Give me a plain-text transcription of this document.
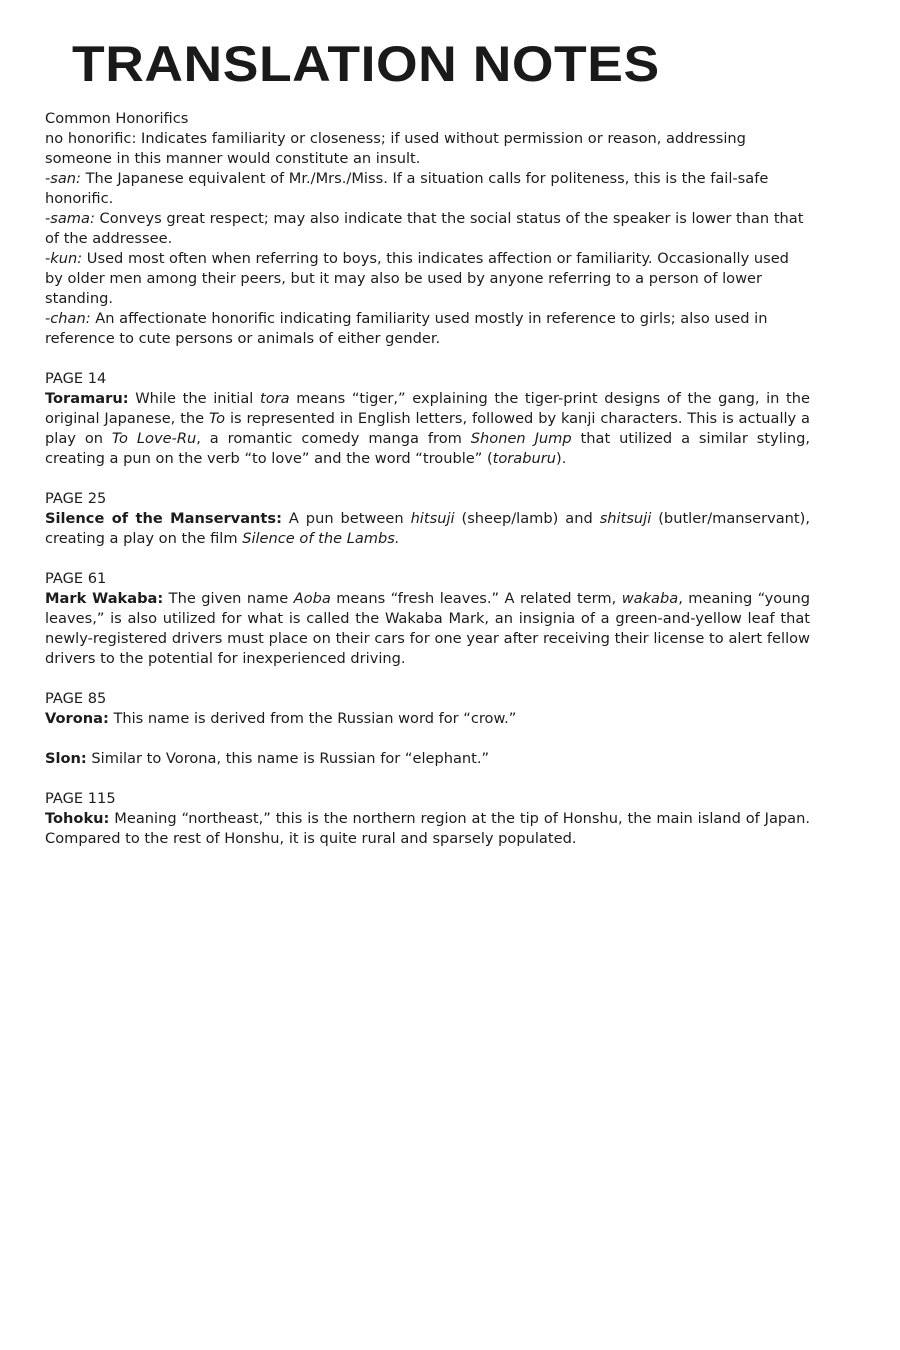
TRANSLATION NOTES

Common Honorifics

no honorific: Indicates familiarity or closeness; if used without permission or reason, addressing someone in this manner would constitute an insult.

-san: The Japanese equivalent of Mr./Mrs./Miss. If a situation calls for politeness, this is the fail-safe honorific.

-sama: Conveys great respect; may also indicate that the social status of the speaker is lower than that of the addressee.

-kun: Used most often when referring to boys, this indicates affection or familiarity. Occasionally used by older men among their peers, but it may also be used by anyone referring to a person of lower standing.

-chan: An affectionate honorific indicating familiarity used mostly in reference to girls; also used in reference to cute persons or animals of either gender.

PAGE 14

Toramaru: While the initial tora means “tiger,” explaining the tiger-print designs of the gang, in the original Japanese, the To is represented in English letters, followed by kanji characters. This is actually a play on To Love-Ru, a romantic comedy manga from Shonen Jump that utilized a similar styling, creating a pun on the verb “to love” and the word “trouble” (toraburu).

PAGE 25

Silence of the Manservants: A pun between hitsuji (sheep/lamb) and shitsuji (butler/manservant), creating a play on the film Silence of the Lambs.

PAGE 61

Mark Wakaba: The given name Aoba means “fresh leaves.” A related term, wakaba, meaning “young leaves,” is also utilized for what is called the Wakaba Mark, an insignia of a green-and-yellow leaf that newly-registered drivers must place on their cars for one year after receiving their license to alert fellow drivers to the potential for inexperienced driving.

PAGE 85

Vorona: This name is derived from the Russian word for “crow.”

Slon: Similar to Vorona, this name is Russian for “elephant.”

PAGE 115

Tohoku: Meaning “northeast,” this is the northern region at the tip of Honshu, the main island of Japan. Compared to the rest of Honshu, it is quite rural and sparsely populated.
